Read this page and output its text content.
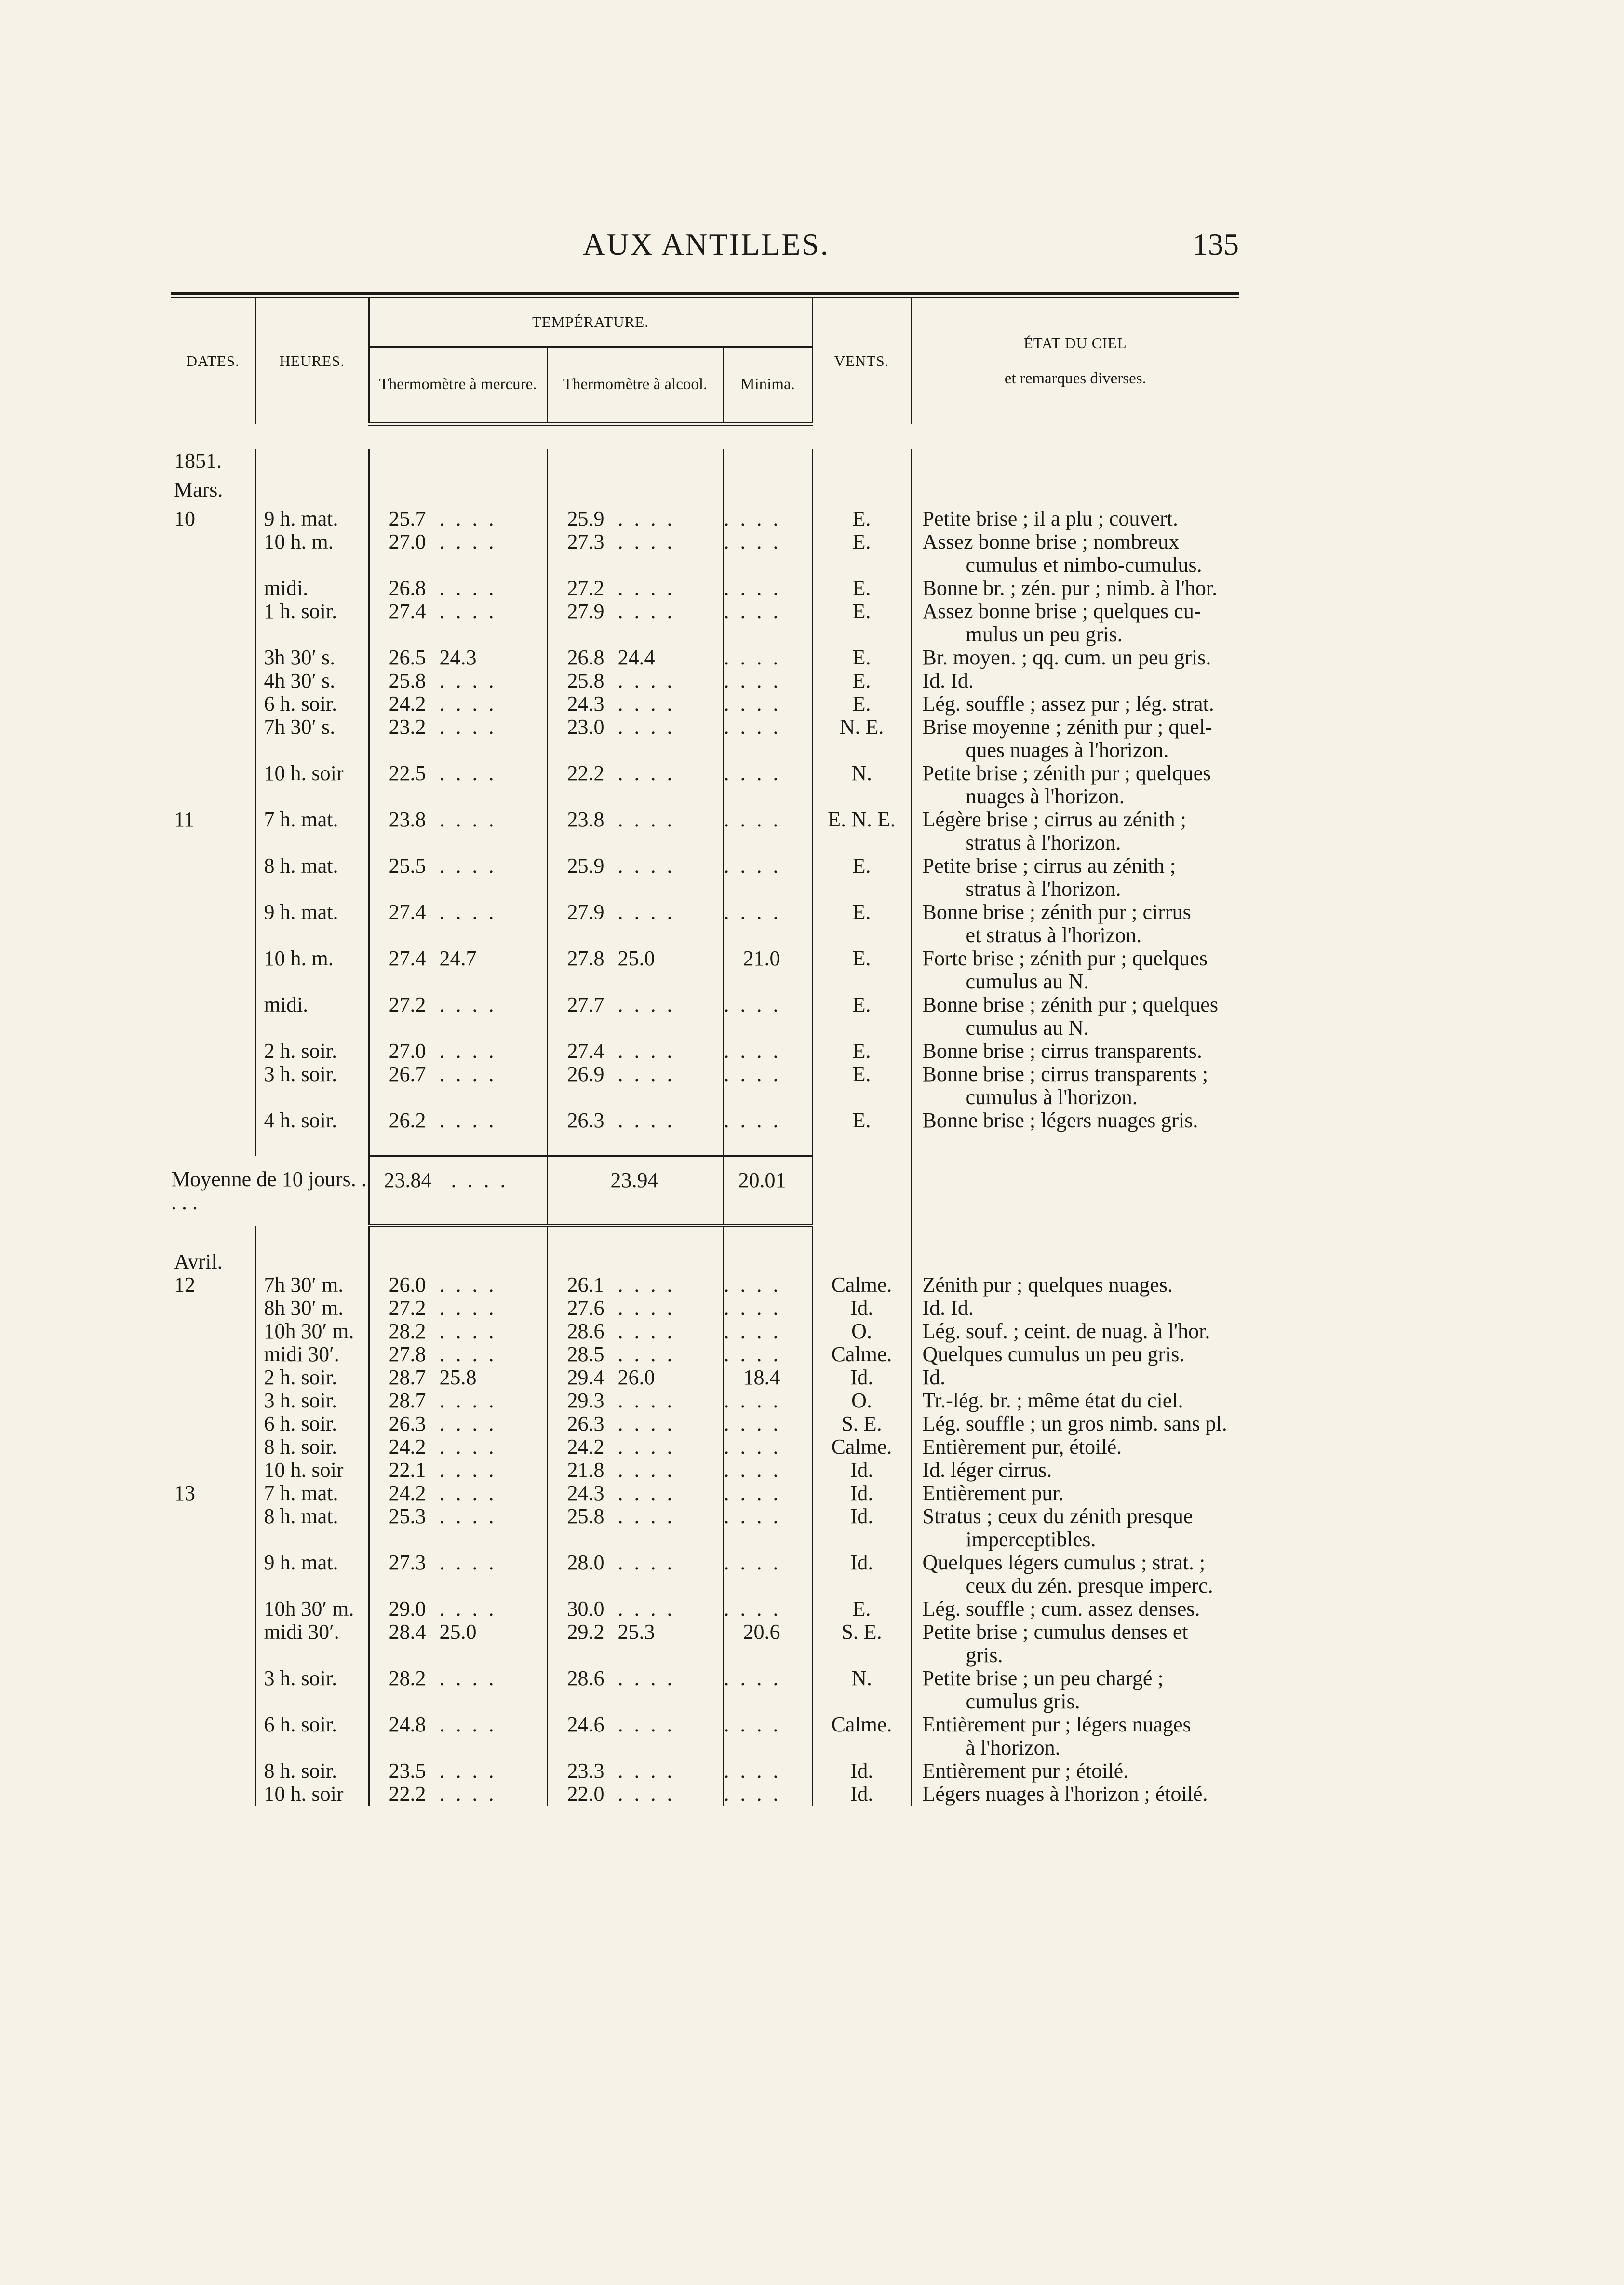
AUX ANTILLES.	135
DATES.	HEURES.	TEMPÉRATURE.			VENTS.	ÉTAT DU CIEL
et remarques diverses.

		Thermomètre à mercure.	Thermomètre à alcool.	Minima.		

1851.						
Mars.						
10	9 h. mat.	25.7 . . . .	25.9 . . . .	. . . .	E.	Petite brise ; il a plu ; couvert.
	10 h. m.	27.0 . . . .	27.3 . . . .	. . . .	E.	Assez bonne brise ; nombreux
cumulus et nimbo-cumulus.

	midi.	26.8 . . . .	27.2 . . . .	. . . .	E.	Bonne br. ; zén. pur ; nimb. à l'hor.
	1 h. soir.	27.4 . . . .	27.9 . . . .	. . . .	E.	Assez bonne brise ; quelques cu-
mulus un peu gris.

	3h 30′ s.	26.5 24.3	26.8 24.4	. . . .	E.	Br. moyen. ; qq. cum. un peu gris.
	4h 30′ s.	25.8 . . . .	25.8 . . . .	. . . .	E.	Id. Id.
	6 h. soir.	24.2 . . . .	24.3 . . . .	. . . .	E.	Lég. souffle ; assez pur ; lég. strat.
	7h 30′ s.	23.2 . . . .	23.0 . . . .	. . . .	N. E.	Brise moyenne ; zénith pur ; quel-
ques nuages à l'horizon.

	10 h. soir	22.5 . . . .	22.2 . . . .	. . . .	N.	Petite brise ; zénith pur ; quelques
nuages à l'horizon.

11	7 h. mat.	23.8 . . . .	23.8 . . . .	. . . .	E. N. E.	Légère brise ; cirrus au zénith ;
stratus à l'horizon.

	8 h. mat.	25.5 . . . .	25.9 . . . .	. . . .	E.	Petite brise ; cirrus au zénith ;
stratus à l'horizon.

	9 h. mat.	27.4 . . . .	27.9 . . . .	. . . .	E.	Bonne brise ; zénith pur ; cirrus
et stratus à l'horizon.

	10 h. m.	27.4 24.7	27.8 25.0	21.0	E.	Forte brise ; zénith pur ; quelques
cumulus au N.

	midi.	27.2 . . . .	27.7 . . . .	. . . .	E.	Bonne brise ; zénith pur ; quelques
cumulus au N.

	2 h. soir.	27.0 . . . .	27.4 . . . .	. . . .	E.	Bonne brise ; cirrus transparents.
	3 h. soir.	26.7 . . . .	26.9 . . . .	. . . .	E.	Bonne brise ; cirrus transparents ;
cumulus à l'horizon.

	4 h. soir.	26.2 . . . .	26.3 . . . .	. . . .	E.	Bonne brise ; légers nuages gris.

Moyenne de 10 jours. . . . .		23.84 . . . .	23.94	20.01		

Avril.						
12	7h 30′ m.	26.0 . . . .	26.1 . . . .	. . . .	Calme.	Zénith pur ; quelques nuages.
	8h 30′ m.	27.2 . . . .	27.6 . . . .	. . . .	Id.	Id. Id.
	10h 30′ m.	28.2 . . . .	28.6 . . . .	. . . .	O.	Lég. souf. ; ceint. de nuag. à l'hor.
	midi 30′.	27.8 . . . .	28.5 . . . .	. . . .	Calme.	Quelques cumulus un peu gris.
	2 h. soir.	28.7 25.8	29.4 26.0	18.4	Id.	Id.
	3 h. soir.	28.7 . . . .	29.3 . . . .	. . . .	O.	Tr.-lég. br. ; même état du ciel.
	6 h. soir.	26.3 . . . .	26.3 . . . .	. . . .	S. E.	Lég. souffle ; un gros nimb. sans pl.
	8 h. soir.	24.2 . . . .	24.2 . . . .	. . . .	Calme.	Entièrement pur, étoilé.
	10 h. soir	22.1 . . . .	21.8 . . . .	. . . .	Id.	Id. léger cirrus.
13	7 h. mat.	24.2 . . . .	24.3 . . . .	. . . .	Id.	Entièrement pur.
	8 h. mat.	25.3 . . . .	25.8 . . . .	. . . .	Id.	Stratus ; ceux du zénith presque
imperceptibles.

	9 h. mat.	27.3 . . . .	28.0 . . . .	. . . .	Id.	Quelques légers cumulus ; strat. ;
ceux du zén. presque imperc.

	10h 30′ m.	29.0 . . . .	30.0 . . . .	. . . .	E.	Lég. souffle ; cum. assez denses.
	midi 30′.	28.4 25.0	29.2 25.3	20.6	S. E.	Petite brise ; cumulus denses et
gris.

	3 h. soir.	28.2 . . . .	28.6 . . . .	. . . .	N.	Petite brise ; un peu chargé ;
cumulus gris.

	6 h. soir.	24.8 . . . .	24.6 . . . .	. . . .	Calme.	Entièrement pur ; légers nuages
à l'horizon.

	8 h. soir.	23.5 . . . .	23.3 . . . .	. . . .	Id.	Entièrement pur ; étoilé.
	10 h. soir	22.2 . . . .	22.0 . . . .	. . . .	Id.	Légers nuages à l'horizon ; étoilé.
